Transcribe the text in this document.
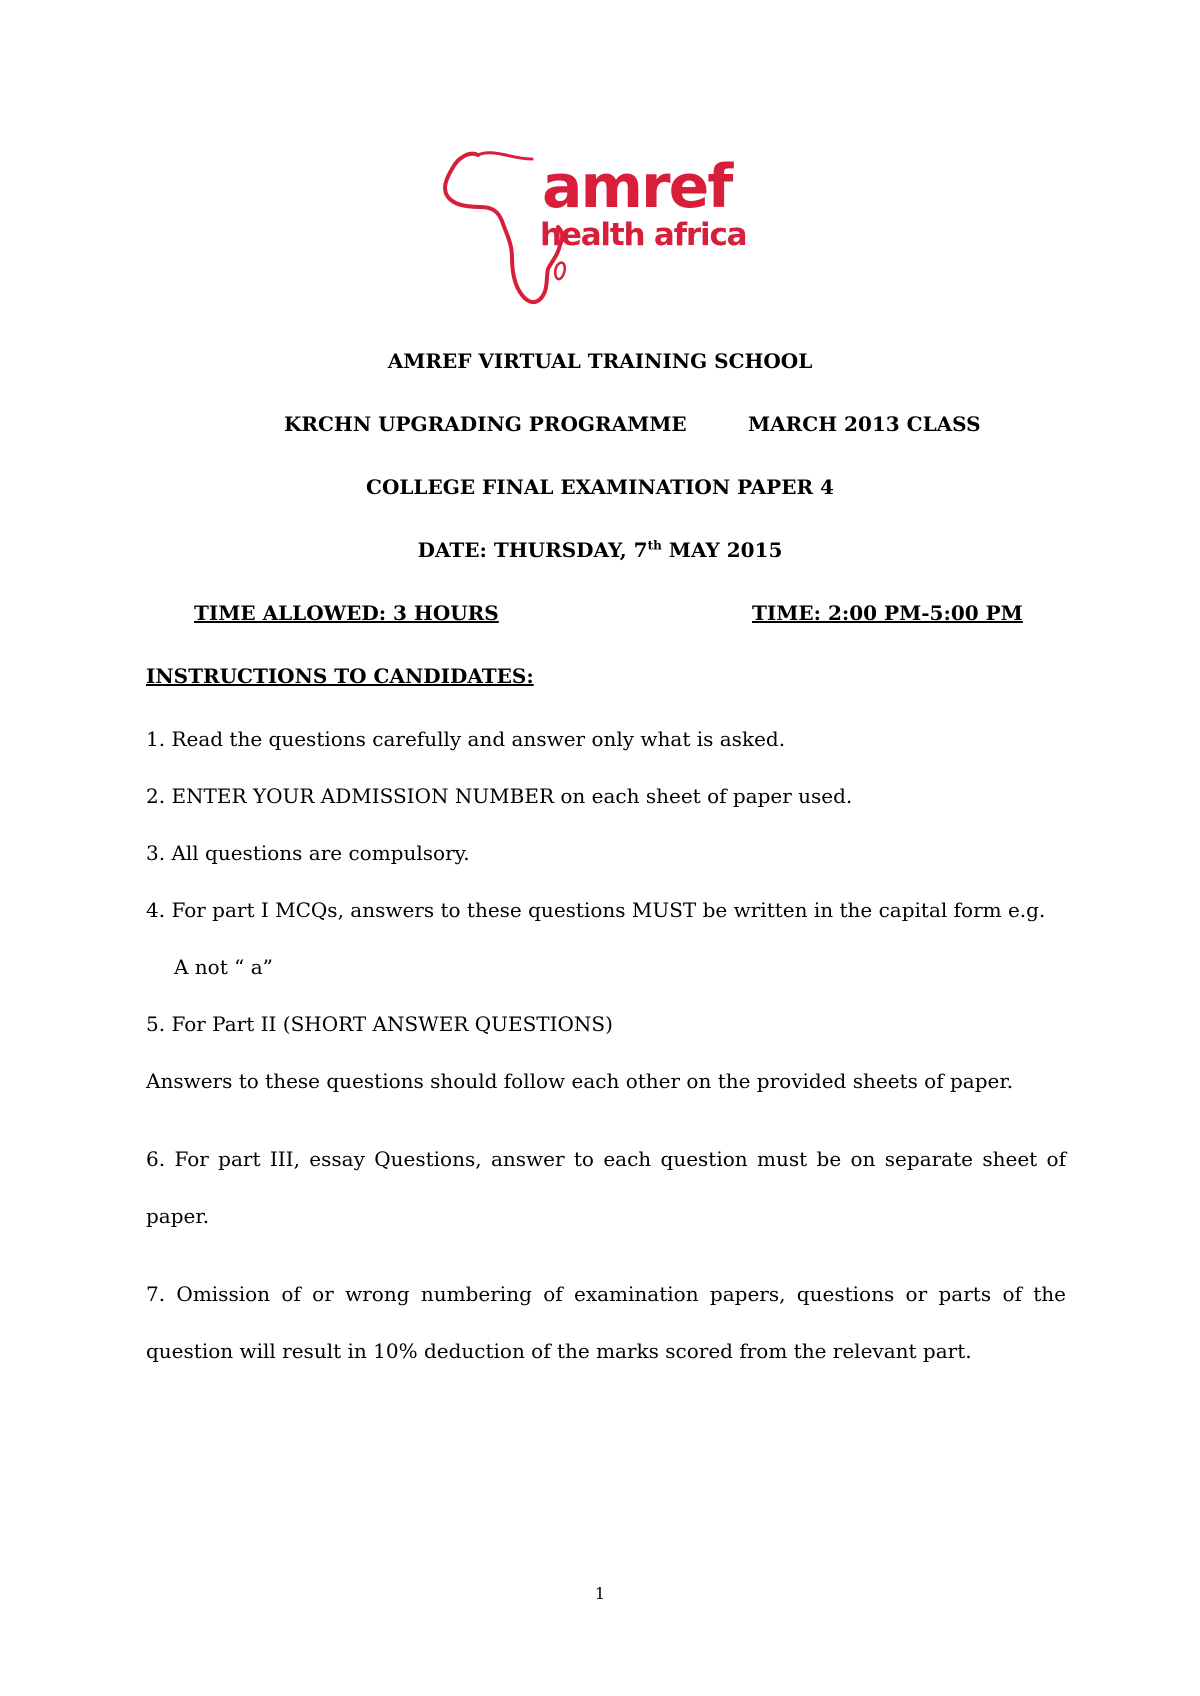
amref
health africa
AMREF VIRTUAL TRAINING SCHOOL
KRCHN UPGRADING PROGRAMME	MARCH 2013 CLASS
COLLEGE FINAL EXAMINATION PAPER 4
DATE: THURSDAY, 7th MAY 2015
TIME ALLOWED: 3 HOURS	TIME: 2:00 PM-5:00 PM
INSTRUCTIONS TO CANDIDATES:
1. Read the questions carefully and answer only what is asked.
2. ENTER YOUR ADMISSION NUMBER on each sheet of paper used.
3. All questions are compulsory.
4. For part I MCQs, answers to these questions MUST be written in the capital form e.g.
A not “ a”
5. For Part II (SHORT ANSWER QUESTIONS)
Answers to these questions should follow each other on the provided sheets of paper.
6. For part III, essay Questions, answer to each question must be on separate sheet of
paper.
7. Omission of or wrong numbering of examination papers, questions or parts of the
question will result in 10% deduction of the marks scored from the relevant part.
1
